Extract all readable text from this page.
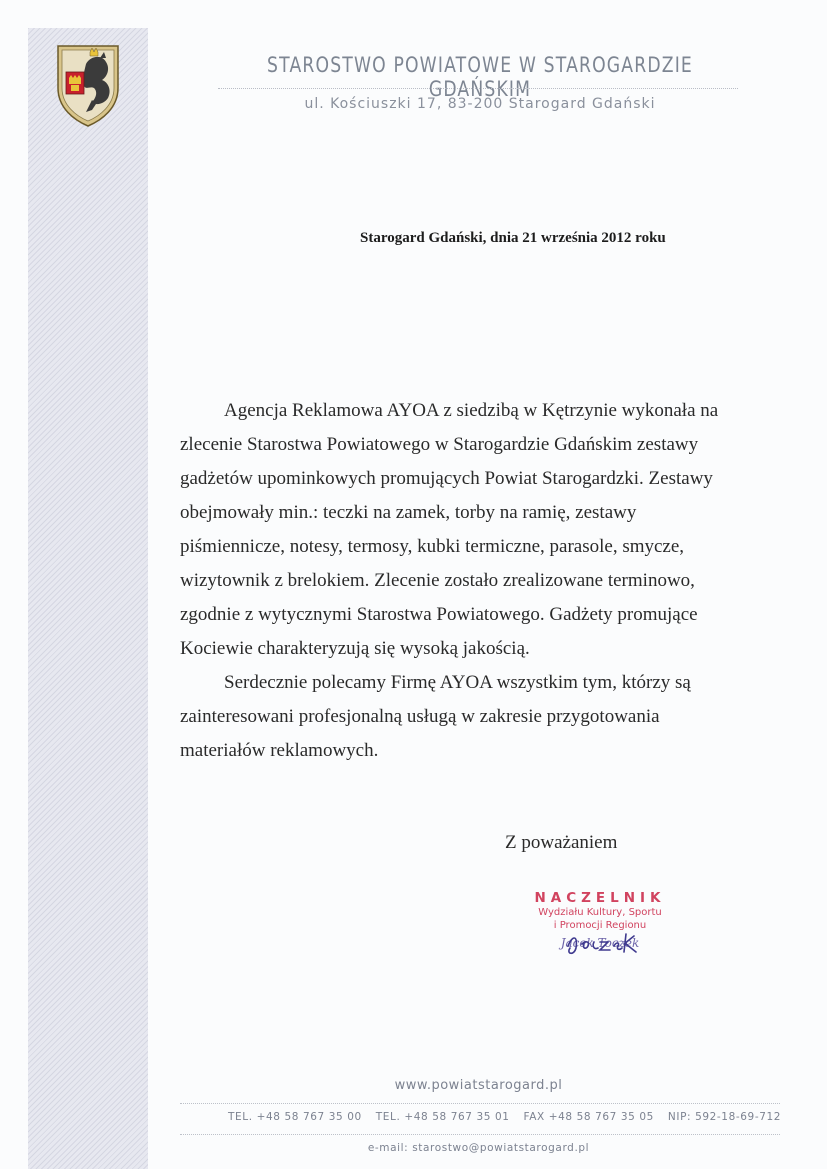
STAROSTWO POWIATOWE W STAROGARDZIE GDAŃSKIM
ul. Kościuszki 17, 83-200 Starogard Gdański
Starogard Gdański, dnia 21 września 2012 roku

Agencja Reklamowa AYOA z siedzibą w Kętrzynie wykonała na
zlecenie Starostwa Powiatowego w Starogardzie Gdańskim zestawy
gadżetów upominkowych promujących Powiat Starogardzki. Zestawy
obejmowały min.: teczki na zamek, torby na ramię, zestawy
piśmiennicze, notesy, termosy, kubki termiczne, parasole, smycze,
wizytownik z brelokiem. Zlecenie zostało zrealizowane terminowo,
zgodnie z wytycznymi Starostwa Powiatowego. Gadżety promujące
Kociewie charakteryzują się wysoką jakością.

Serdecznie polecamy Firmę AYOA wszystkim tym, którzy są
zainteresowani profesjonalną usługą w zakresie przygotowania
materiałów reklamowych.

Z poważaniem
NACZELNIK
Wydziału Kultury, Sportu
i Promocji Regionu
Jacek Toczek
www.powiatstarogard.pl
TEL. +48 58 767 35 00 TEL. +48 58 767 35 01 FAX +48 58 767 35 05 NIP: 592-18-69-712
e-mail: starostwo@powiatstarogard.pl
